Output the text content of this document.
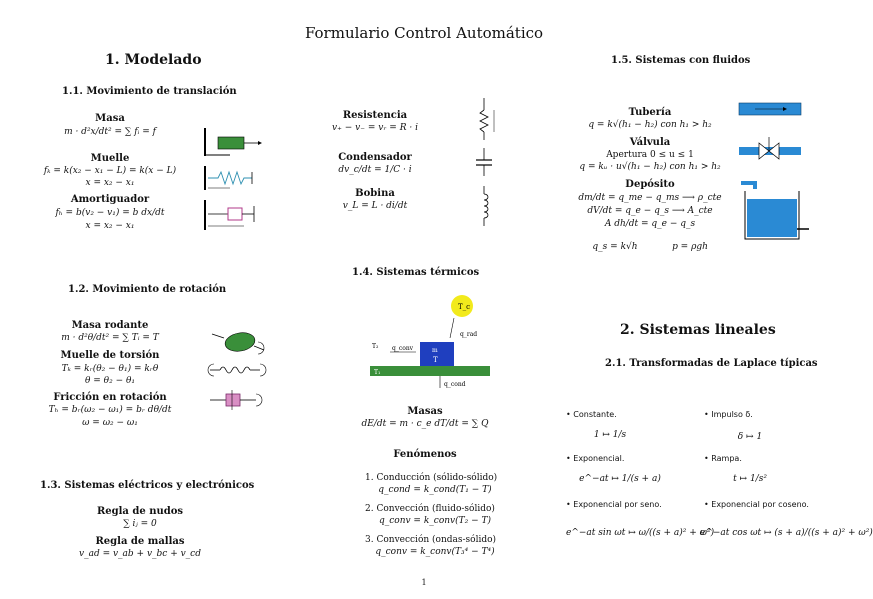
Formulario Control Automático
1. Modelado
1.1. Movimiento de translación
Masa
m · d²x/dt² = ∑ fᵢ = f
Muelle
fₖ = k(x₂ − x₁ − L) = k(x − L)
x = x₂ − x₁
Amortiguador
fₕ = b(v₂ − v₁) = b dx/dt
x = x₂ − x₁
1.2. Movimiento de rotación
Masa rodante
m · d²θ/dt² = ∑ Tᵢ = T
Muelle de torsión
Tₖ = kᵣ(θ₂ − θ₁) = kᵣθ
θ = θ₂ − θ₁
Fricción en rotación
Tₕ = bᵣ(ω₂ − ω₁) = bᵣ dθ/dt
ω = ω₂ − ω₁
1.3. Sistemas eléctricos y electrónicos
Regla de nudos
∑ iⱼ = 0
Regla de mallas
v_ad = v_ab + v_bc + v_cd
Resistencia
v₊ − v₋ = vᵣ = R · i
Condensador
dv_c/dt = 1/C · i
Bobina
v_L = L · di/dt
1.4. Sistemas térmicos
T_c
q_rad
T₂ q_conv	m
T
T₁
q_cond
Masas
dE/dt = m · c_e dT/dt = ∑ Q
Fenómenos
1. Conducción (sólido-sólido)
q_cond = k_cond(T₁ − T)
2. Convección (fluido-sólido)
q_conv = k_conv(T₂ − T)
3. Convección (ondas-sólido)
q_conv = k_conv(T₃⁴ − T⁴)
1.5. Sistemas con fluidos
Tubería
q = k√(h₁ − h₂) con h₁ > h₂
Válvula
Apertura 0 ≤ u ≤ 1
q = kᵤ · u√(h₁ − h₂) con h₁ > h₂
Depósito
dm/dt = q_me − q_ms ⟶ ρ_cte
dV/dt = q_e − q_s ⟶ A_cte
A dh/dt = q_e − q_s
q_s = k√h	p = ρgh
2. Sistemas lineales
2.1. Transformadas de Laplace típicas
• Constante.
1 ↦ 1/s
• Impulso δ.
δ ↦ 1
• Exponencial.
e^−at ↦ 1/(s + a)
• Rampa.
t ↦ 1/s²
• Exponencial por seno.
e^−at sin ωt ↦ ω/((s + a)² + ω²)
• Exponencial por coseno.
e^−at cos ωt ↦ (s + a)/((s + a)² + ω²)
1
